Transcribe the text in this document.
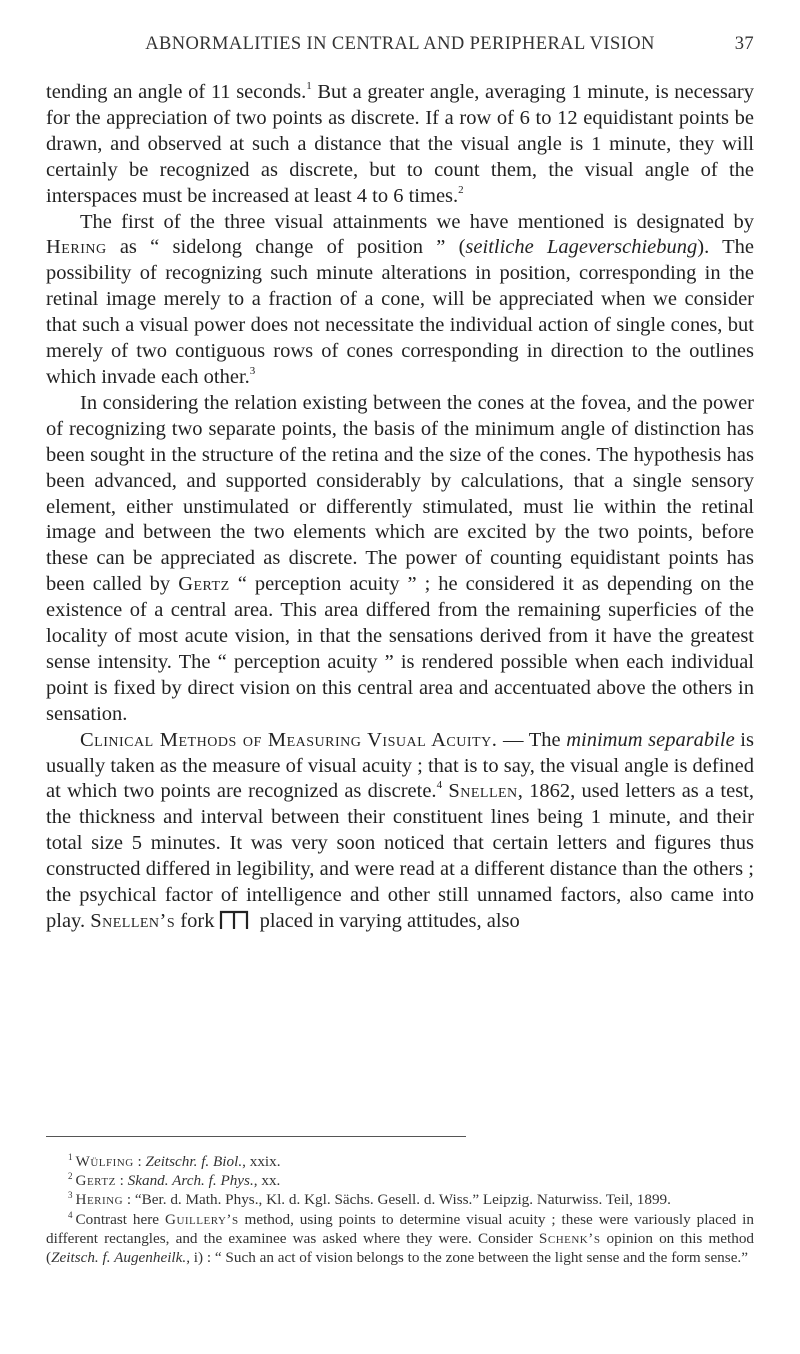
ABNORMALITIES IN CENTRAL AND PERIPHERAL VISION	37

tending an angle of 11 seconds.$^1$ But a greater angle, averaging 1 minute, is necessary for the appreciation of two points as discrete. If a row of 6 to 12 equidistant points be drawn, and observed at such a distance that the visual angle is 1 minute, they will certainly be recognized as discrete, but to count them, the visual angle of the interspaces must be increased at least 4 to 6 times.$^2$

The first of the three visual attainments we have mentioned is designated by Hering as “ sidelong change of position ” (seitliche Lageverschiebung). The possibility of recognizing such minute alterations in position, corresponding in the retinal image merely to a fraction of a cone, will be appreciated when we consider that such a visual power does not necessitate the individual action of single cones, but merely of two contiguous rows of cones corresponding in direction to the outlines which invade each other.$^3$

In considering the relation existing between the cones at the fovea, and the power of recognizing two separate points, the basis of the minimum angle of distinction has been sought in the structure of the retina and the size of the cones. The hypothesis has been advanced, and supported considerably by calculations, that a single sensory element, either unstimulated or differently stimulated, must lie within the retinal image and between the two elements which are excited by the two points, before these can be appreciated as discrete. The power of counting equidistant points has been called by Gertz “ perception acuity ” ; he considered it as depending on the existence of a central area. This area differed from the remaining superficies of the locality of most acute vision, in that the sensations derived from it have the greatest sense intensity. The “ perception acuity ” is rendered possible when each individual point is fixed by direct vision on this central area and accentuated above the others in sensation.

Clinical Methods of Measuring Visual Acuity. — The minimum separabile is usually taken as the measure of visual acuity ; that is to say, the visual angle is defined at which two points are recognized as discrete.$^4$ Snellen, 1862, used letters as a test, the thickness and interval between their constituent lines being 1 minute, and their total size 5 minutes. It was very soon noticed that certain letters and figures thus constructed differed in legibility, and were read at a different distance than the others ; the psychical factor of intelligence and other still unnamed factors, also came into play. Snellen’s fork
placed in varying attitudes, also

$^1$ Wülfing : Zeitschr. f. Biol., xxix.

$^2$ Gertz : Skand. Arch. f. Phys., xx.

$^3$ Hering : “Ber. d. Math. Phys., Kl. d. Kgl. Sächs. Gesell. d. Wiss.” Leipzig. Naturwiss. Teil, 1899.

$^4$ Contrast here Guillery’s method, using points to determine visual acuity ; these were variously placed in different rectangles, and the examinee was asked where they were. Consider Schenk’s opinion on this method (Zeitsch. f. Augenheilk., i) : “ Such an act of vision belongs to the zone between the light sense and the form sense.”
